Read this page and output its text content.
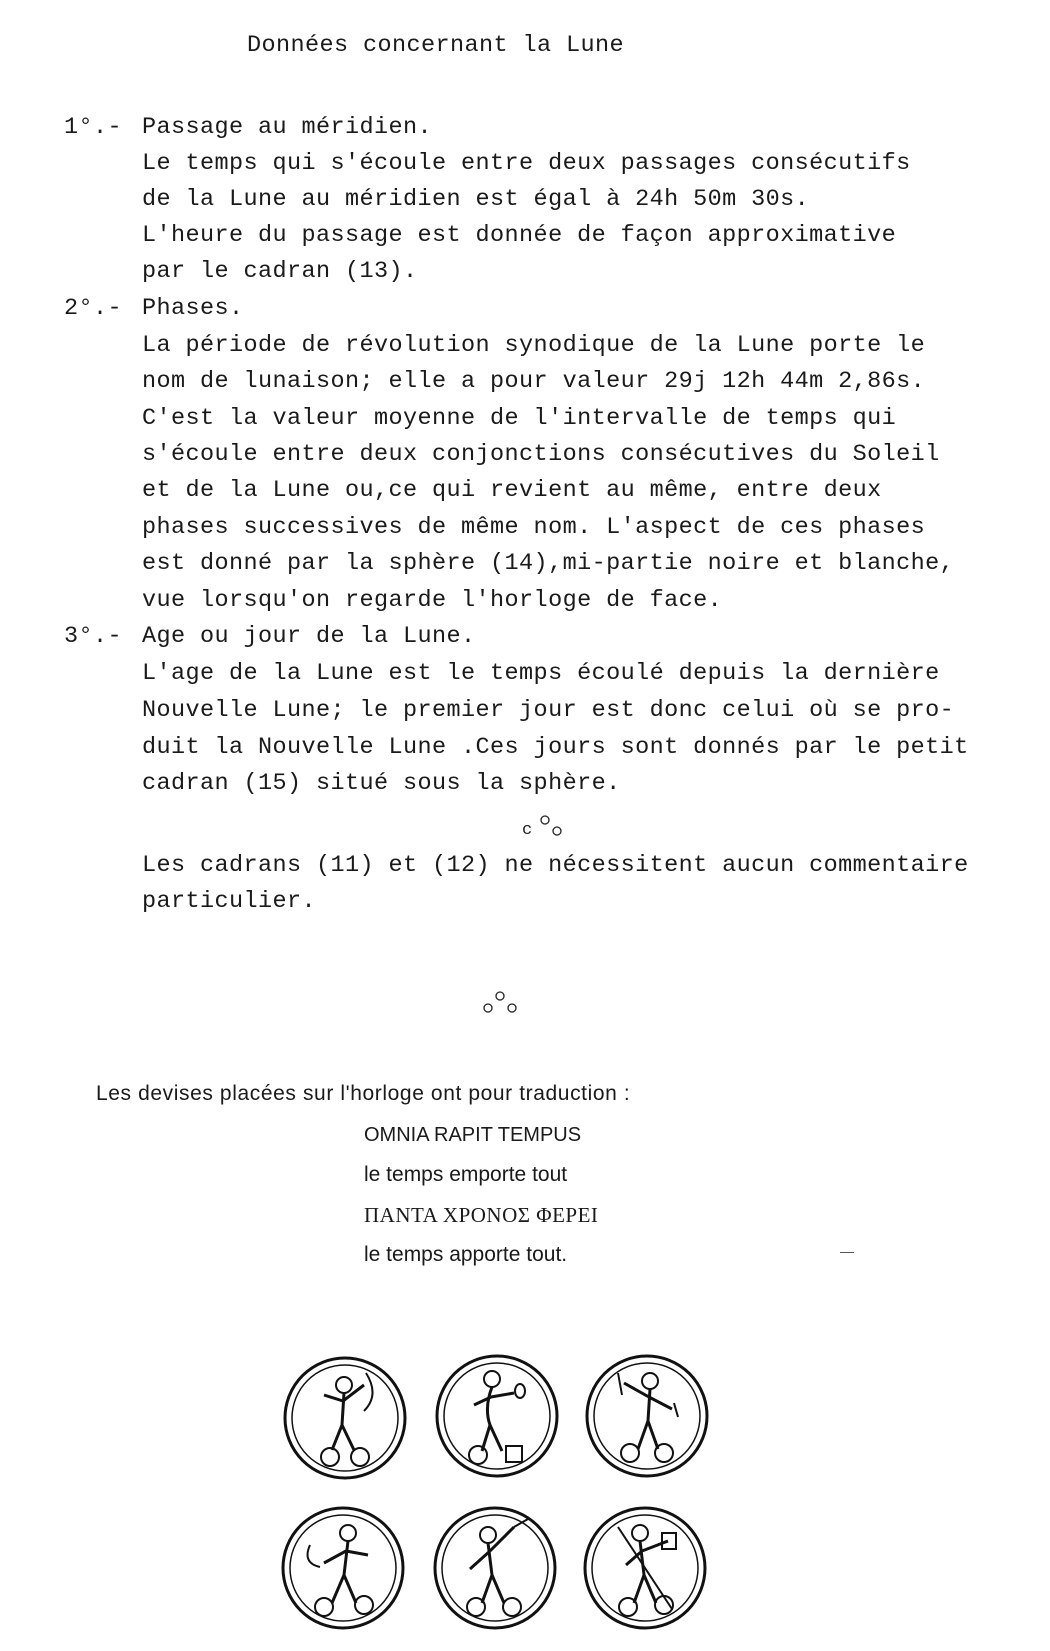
Données concernant la Lune
1°.- Passage au méridien.
Le temps qui s'écoule entre deux passages consécutifs
de la Lune au méridien est égal à 24h 50m 30s.
L'heure du passage est donnée de façon approximative
par le cadran (13).
2°.- Phases.
La période de révolution synodique de la Lune porte le
nom de lunaison; elle a pour valeur 29j 12h 44m 2,86s.
C'est la valeur moyenne de l'intervalle de temps qui
s'écoule entre deux conjonctions consécutives du Soleil
et de la Lune ou,ce qui revient au même, entre deux
phases successives de même nom. L'aspect de ces phases
est donné par la sphère (14),mi-partie noire et blanche,
vue lorsqu'on regarde l'horloge de face.
3°.- Age ou jour de la Lune.
L'age de la Lune est le temps écoulé depuis la dernière
Nouvelle Lune; le premier jour est donc celui où se pro-
duit la Nouvelle Lune .Ces jours sont donnés par le petit
cadran (15) situé sous la sphère.
c
Les cadrans (11) et (12) ne nécessitent aucun commentaire
particulier.
Les devises placées sur l'horloge ont pour traduction :
OMNIA RAPIT TEMPUS
le temps emporte tout
ΠΑΝΤΑ ΧΡΟΝΟΣ ΦΕΡΕΙ
le temps apporte tout.
